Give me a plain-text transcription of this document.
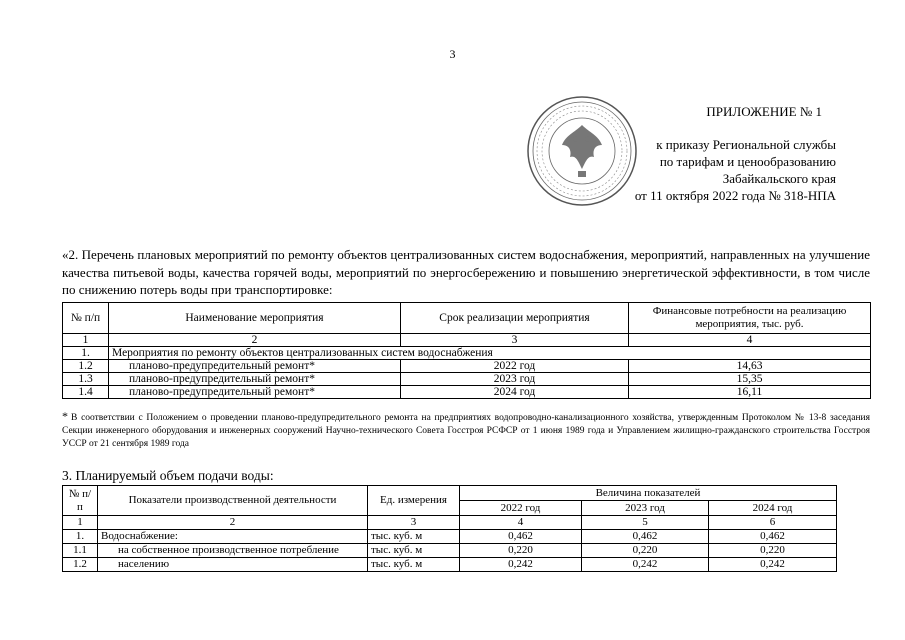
3
ПРИЛОЖЕНИЕ № 1
к приказу Региональной службы
по тарифам и ценообразованию
Забайкальского края
от 11 октября 2022 года № 318-НПА
«2. Перечень плановых мероприятий по ремонту объектов централизованных систем водоснабжения, мероприятий, направленных на улучшение качества питьевой воды, качества горячей воды, мероприятий по энергосбережению и повышению энергетической эффективности, в том числе по снижению потерь воды при транспортировке:
№ п/п	Наименование мероприятия	Срок реализации мероприятия	Финансовые потребности на реализацию мероприятия, тыс. руб.
1	2	3	4
1.	Мероприятия по ремонту объектов централизованных систем водоснабжения		
1.2	планово-предупредительный ремонт*	2022 год	14,63
1.3	планово-предупредительный ремонт*	2023 год	15,35
1.4	планово-предупредительный ремонт*	2024 год	16,11
* В соответствии с Положением о проведении планово-предупредительного ремонта на предприятиях водопроводно-канализационного хозяйства, утвержденным Протоколом № 13-8 заседания Секции инженерного оборудования и инженерных сооружений Научно-технического Совета Госстроя РСФСР от 1 июня 1989 года и Управлением жилищно-гражданского строительства Госстроя УССР от 21 сентября 1989 года
3. Планируемый объем подачи воды:
№ п/п	Показатели производственной деятельности	Ед. измерения	Величина показателей		
			2022 год	2023 год	2024 год
1	2	3	4	5	6
1.	Водоснабжение:	тыс. куб. м	0,462	0,462	0,462
1.1	на собственное производственное потребление	тыс. куб. м	0,220	0,220	0,220
1.2	населению	тыс. куб. м	0,242	0,242	0,242
